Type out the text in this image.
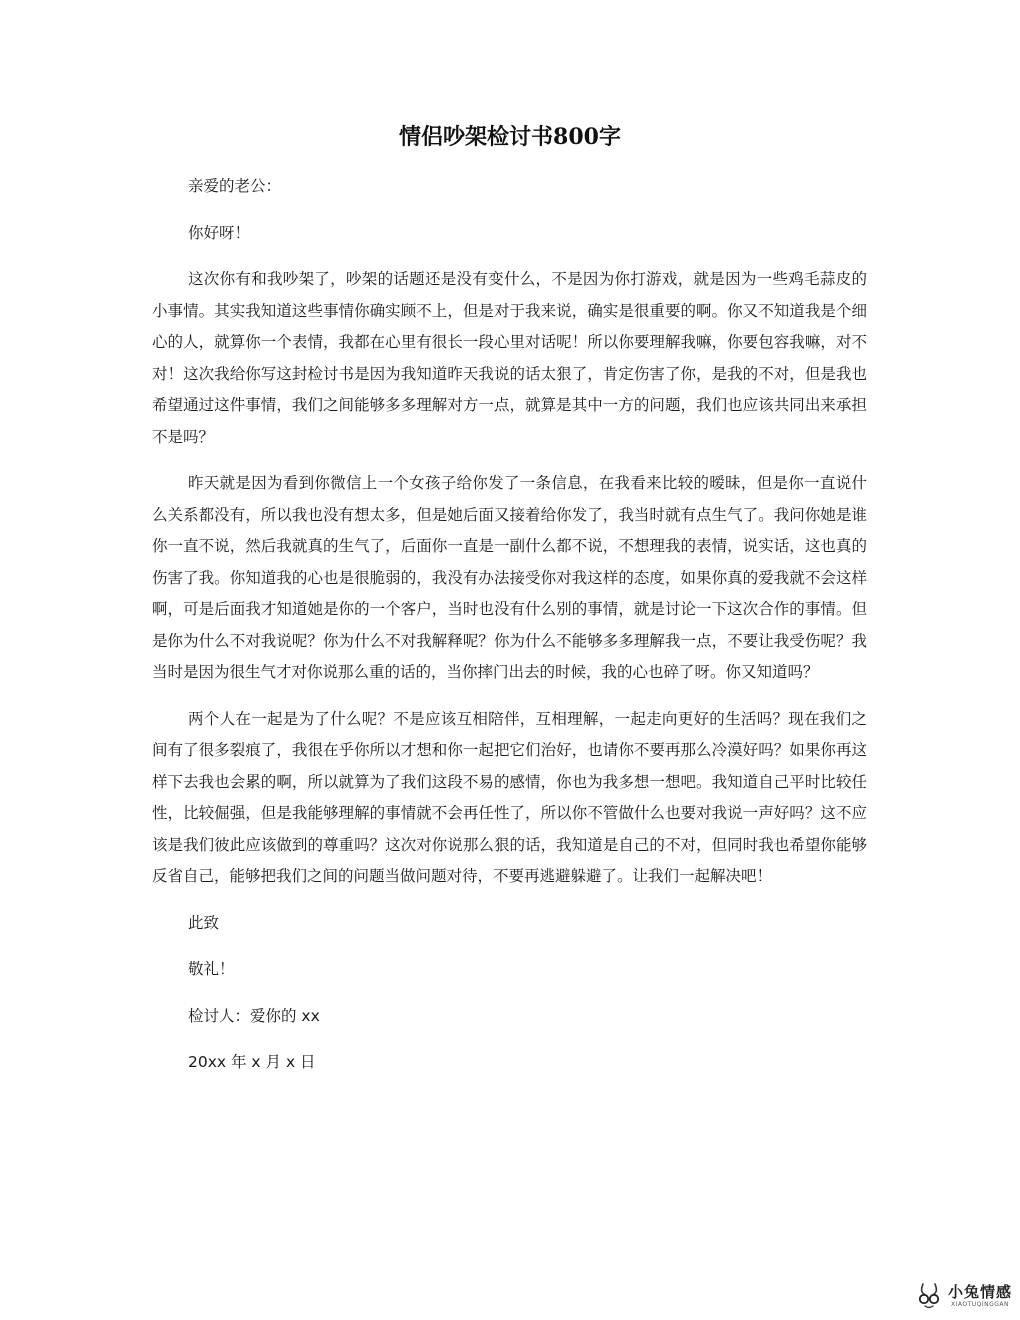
情侣吵架检讨书800字

亲爱的老公：

你好呀！

这次你有和我吵架了，吵架的话题还是没有变什么，不是因为你打游戏，就是因为一些鸡毛蒜皮的小事情。其实我知道这些事情你确实顾不上，但是对于我来说，确实是很重要的啊。你又不知道我是个细心的人，就算你一个表情，我都在心里有很长一段心里对话呢！所以你要理解我嘛，你要包容我嘛，对不对！这次我给你写这封检讨书是因为我知道昨天我说的话太狠了，肯定伤害了你，是我的不对，但是我也希望通过这件事情，我们之间能够多多理解对方一点，就算是其中一方的问题，我们也应该共同出来承担不是吗？

昨天就是因为看到你微信上一个女孩子给你发了一条信息，在我看来比较的暧昧，但是你一直说什么关系都没有，所以我也没有想太多，但是她后面又接着给你发了，我当时就有点生气了。我问你她是谁你一直不说，然后我就真的生气了，后面你一直是一副什么都不说，不想理我的表情，说实话，这也真的伤害了我。你知道我的心也是很脆弱的，我没有办法接受你对我这样的态度，如果你真的爱我就不会这样啊，可是后面我才知道她是你的一个客户，当时也没有什么别的事情，就是讨论一下这次合作的事情。但是你为什么不对我说呢？你为什么不对我解释呢？你为什么不能够多多理解我一点，不要让我受伤呢？我当时是因为很生气才对你说那么重的话的，当你摔门出去的时候，我的心也碎了呀。你又知道吗？

两个人在一起是为了什么呢？不是应该互相陪伴，互相理解，一起走向更好的生活吗？现在我们之间有了很多裂痕了，我很在乎你所以才想和你一起把它们治好，也请你不要再那么冷漠好吗？如果你再这样下去我也会累的啊，所以就算为了我们这段不易的感情，你也为我多想一想吧。我知道自己平时比较任性，比较倔强，但是我能够理解的事情就不会再任性了，所以你不管做什么也要对我说一声好吗？这不应该是我们彼此应该做到的尊重吗？这次对你说那么狠的话，我知道是自己的不对，但同时我也希望你能够反省自己，能够把我们之间的问题当做问题对待，不要再逃避躲避了。让我们一起解决吧！

此致

敬礼！

检讨人：爱你的 xx

20xx 年 x 月 x 日

小兔情感
XIAOTUQINGGAN
